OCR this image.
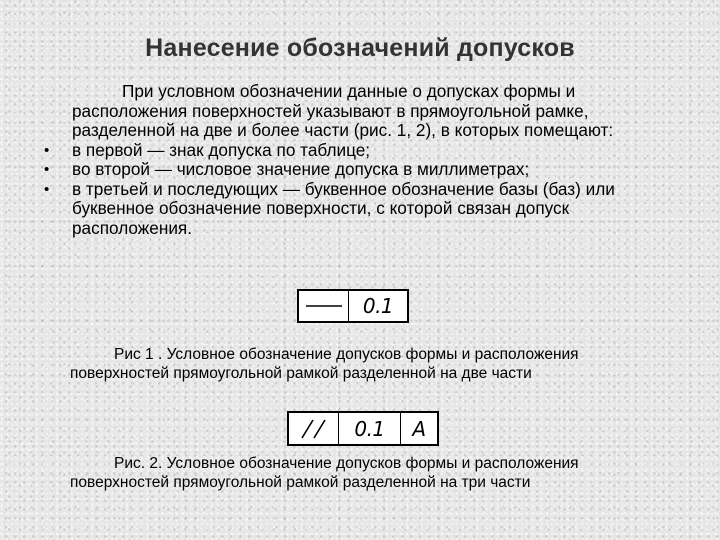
Нанесение обозначений допусков

При условном обозначении данные о допусках формы и расположения поверхностей указывают в прямоугольной рамке, разделенной на две и более части (рис. 1, 2), в которых помещают:

• в первой — знак допуска по таблице;
• во второй — числовое значение допуска в миллиметрах;
• в третьей и последующих — буквенное обозначение базы (баз) или буквенное обозначение поверхности, с которой связан допуск расположения.
0.1
Рис 1 . Условное обозначение допусков формы и расположения поверхностей прямоугольной рамкой разделенной на две части
0.1 А
Рис. 2. Условное обозначение допусков формы и расположения поверхностей прямоугольной рамкой разделенной на три части
